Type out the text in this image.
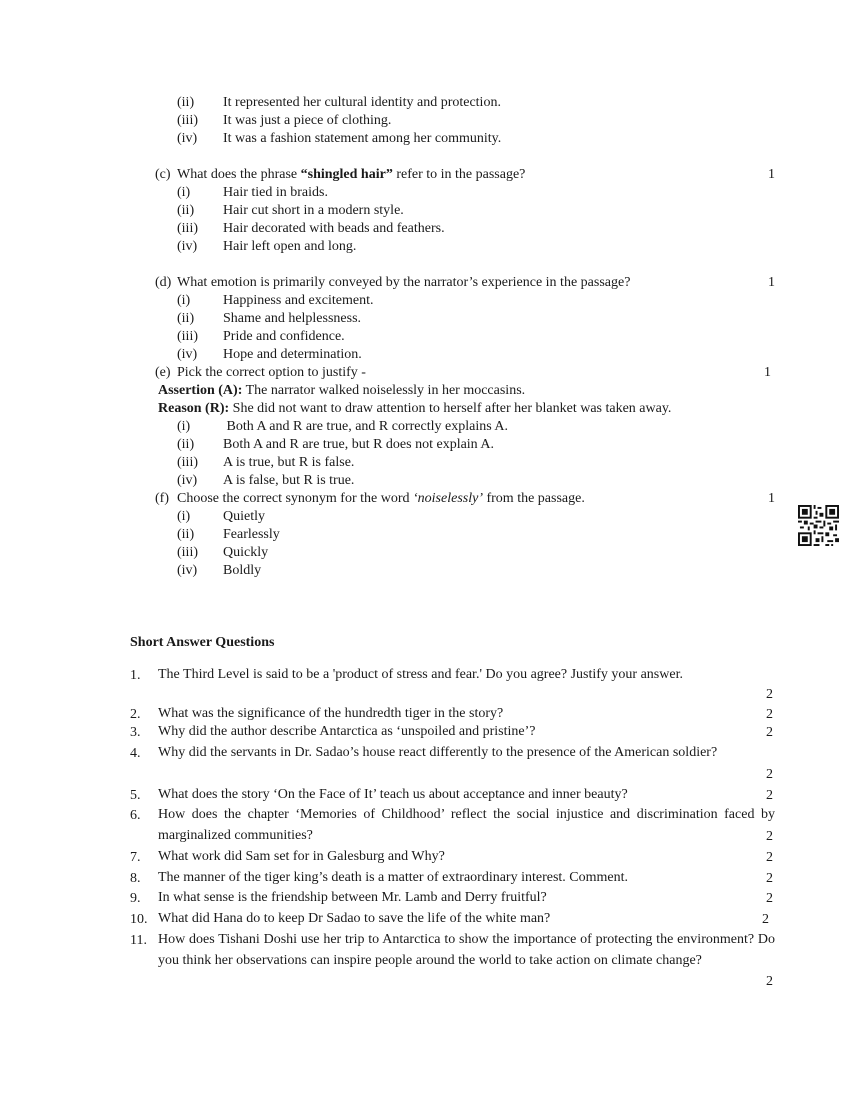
(ii) It represented her cultural identity and protection.
(iii) It was just a piece of clothing.
(iv) It was a fashion statement among her community.
(c) What does the phrase “shingled hair” refer to in the passage?	1
(i) Hair tied in braids.
(ii) Hair cut short in a modern style.
(iii) Hair decorated with beads and feathers.
(iv) Hair left open and long.
(d) What emotion is primarily conveyed by the narrator’s experience in the passage?	1
(i) Happiness and excitement.
(ii) Shame and helplessness.
(iii) Pride and confidence.
(iv) Hope and determination.
(e) Pick the correct option to justify -	1
Assertion (A): The narrator walked noiselessly in her moccasins.
Reason (R): She did not want to draw attention to herself after her blanket was taken away.
(i) Both A and R are true, and R correctly explains A.
(ii) Both A and R are true, but R does not explain A.
(iii) A is true, but R is false.
(iv) A is false, but R is true.
(f) Choose the correct synonym for the word ‘noiselessly’ from the passage.	1
(i) Quietly
(ii) Fearlessly
(iii) Quickly
(iv) Boldly
Short Answer Questions
1. The Third Level is said to be a 'product of stress and fear.' Do you agree? Justify your answer.
2
2. What was the significance of the hundredth tiger in the story?	2
3. Why did the author describe Antarctica as ‘unspoiled and pristine’?	2
4. Why did the servants in Dr. Sadao’s house react differently to the presence of the American soldier?
2
5. What does the story ‘On the Face of It’ teach us about acceptance and inner beauty?	2
6. How does the chapter ‘Memories of Childhood’ reflect the social injustice and discrimination faced by marginalized communities?	2
7. What work did Sam set for in Galesburg and Why?	2
8. The manner of the tiger king’s death is a matter of extraordinary interest. Comment.	2
9. In what sense is the friendship between Mr. Lamb and Derry fruitful?	2
10. What did Hana do to keep Dr Sadao to save the life of the white man?	2
11. How does Tishani Doshi use her trip to Antarctica to show the importance of protecting the environment? Do you think her observations can inspire people around the world to take action on climate change?
2
